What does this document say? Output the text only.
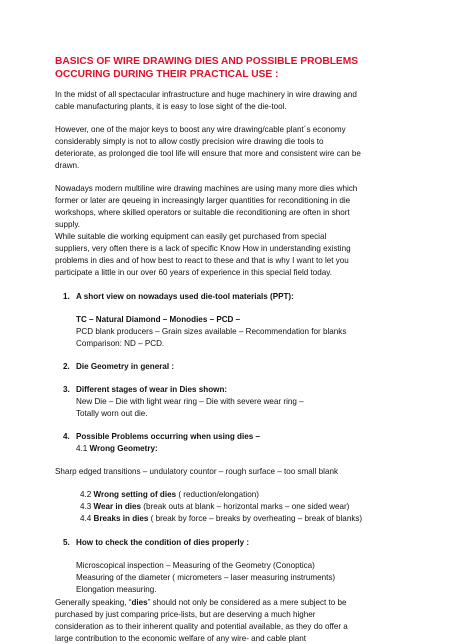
BASICS OF WIRE DRAWING DIES AND POSSIBLE PROBLEMS
OCCURING DURING THEIR PRACTICAL USE :
In the midst of all spectacular infrastructure and huge machinery in wire drawing and
cable manufacturing plants, it is easy to lose sight of the die-tool.
However, one of the major keys to boost any wire drawing/cable plant´s economy
considerably simply is not to allow costly precision wire drawing die tools to
deteriorate, as prolonged die tool life will ensure that more and consistent wire can be
drawn.
Nowadays modern multiline wire drawing machines are using many more dies which
former or later are qeueing in increasingly larger quantities for reconditioning in die
workshops, where skilled operators or suitable die reconditioning are often in short
supply.
While suitable die working equipment can easily get purchased from special
suppliers, very often there is a lack of specific Know How in understanding existing
problems in dies and of how best to react to these and that is why I want to let you
participate a little in our over 60 years of experience in this special field today.
1. A short view on nowadays used die-tool materials (PPT):
TC – Natural Diamond – Monodies – PCD –
PCD blank producers – Grain sizes available – Recommendation for blanks
Comparison: ND – PCD.
2. Die Geometry in general :
3. Different stages of wear in Dies shown:
New Die – Die with light wear ring – Die with severe wear ring –
Totally worn out die.
4. Possible Problems occurring when using dies –
4.1 Wrong Geometry:
Sharp edged transitions – undulatory countor – rough surface – too small blank
4.2 Wrong setting of dies ( reduction/elongation)
4.3 Wear in dies (break outs at blank – horizontal marks – one sided wear)
4.4 Breaks in dies ( break by force – breaks by overheating – break of blanks)
5. How to check the condition of dies properly :
Microscopical inspection – Measuring of the Geometry (Conoptica)
Measuring of the diameter ( micrometers – laser measuring instruments)
Elongation measuring.
Generally speaking, “dies” should not only be considered as a mere subject to be
purchased by just comparing price-lists, but are deserving a much higher
consideration as to their inherent quality and potential available, as they do offer a
large contribution to the economic welfare of any wire- and cable plant
